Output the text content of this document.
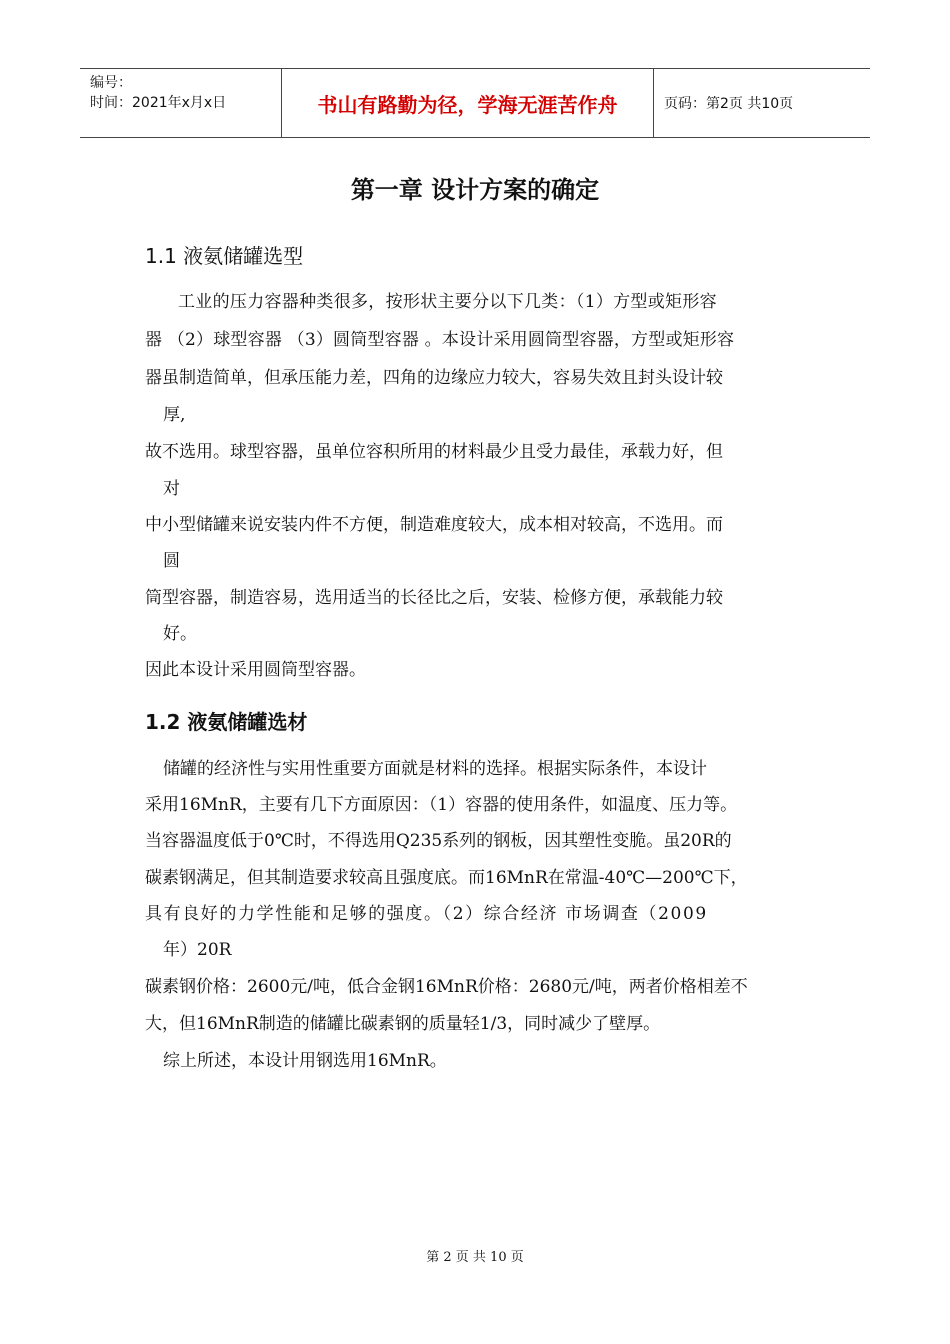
编号：
时间：2021年x月x日	书山有路勤为径，学海无涯苦作舟	页码：第2页 共10页
第一章 设计方案的确定
1.1 液氨储罐选型
工业的压力容器种类很多，按形状主要分以下几类：（1）方型或矩形容
器 （2）球型容器 （3）圆筒型容器 。本设计采用圆筒型容器，方型或矩形容
器虽制造简单，但承压能力差，四角的边缘应力较大，容易失效且封头设计较
厚,
故不选用。球型容器，虽单位容积所用的材料最少且受力最佳，承载力好，但
对
中小型储罐来说安装内件不方便，制造难度较大，成本相对较高，不选用。而
圆
筒型容器，制造容易，选用适当的长径比之后，安装、检修方便，承载能力较
好。
因此本设计采用圆筒型容器。
1.2 液氨储罐选材
储罐的经济性与实用性重要方面就是材料的选择。根据实际条件，本设计
采用16MnR，主要有几下方面原因：（1）容器的使用条件，如温度、压力等。
当容器温度低于0℃时，不得选用Q235系列的钢板，因其塑性变脆。虽20R的
碳素钢满足，但其制造要求较高且强度底。而16MnR在常温-40℃—200℃下，
具有良好的力学性能和足够的强度。（2）综合经济 市场调查（2009
年）20R
碳素钢价格：2600元/吨，低合金钢16MnR价格：2680元/吨，两者价格相差不
大，但16MnR制造的储罐比碳素钢的质量轻1/3，同时减少了壁厚。
综上所述，本设计用钢选用16MnR。
第 2 页 共 10 页
